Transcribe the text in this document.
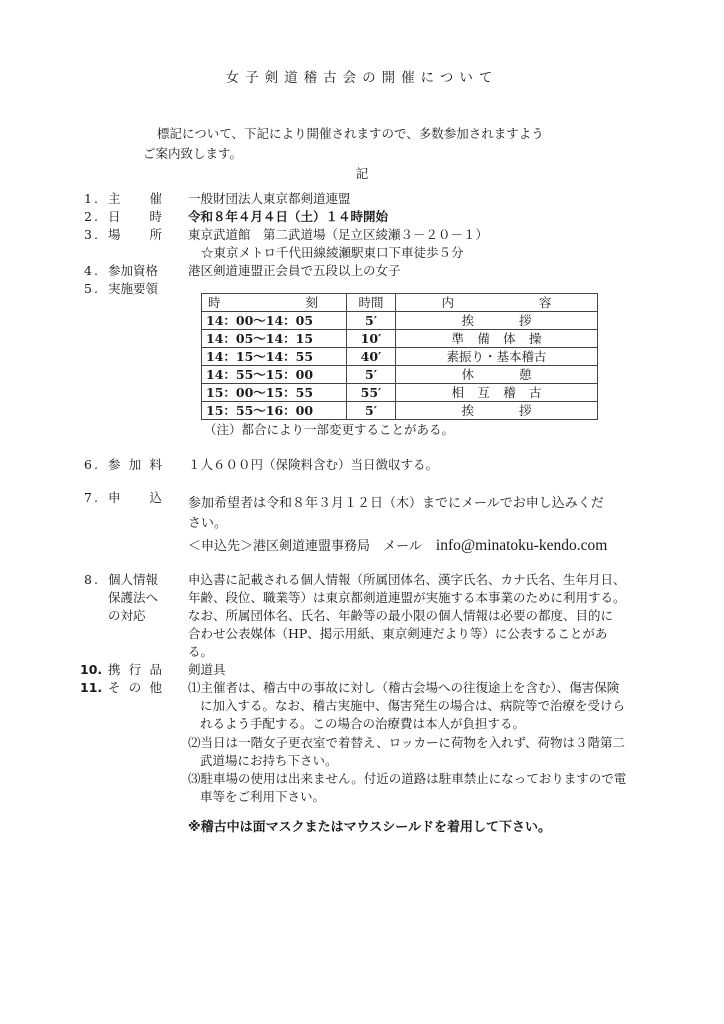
女子剣道稽古会の開催について
標記について、下記により開催されますので、多数参加されますよう
ご案内致します。
記
1. 主催 一般財団法人東京都剣道連盟
2. 日時 令和８年４月４日（土）１４時開始
3. 場所 東京武道館　第二武道場（足立区綾瀬３－２０－１）
☆東京メトロ千代田線綾瀬駅東口下車徒歩５分
4. 参加資格 港区剣道連盟正会員で五段以上の女子
5. 実施要領
時刻	時間	内容
14：00〜14：05	5′	挨拶
14：05〜14：15	10′	準備体操
14：15〜14：55	40′	素振り・基本稽古
14：55〜15：00	5′	休憩
15：00〜15：55	55′	相互稽古
15：55〜16：00	5′	挨拶
（注）都合により一部変更することがある。
6. 参加料 １人６００円（保険料含む）当日徴収する。
7. 申込 参加希望者は令和８年３月１２日（木）までにメールでお申し込みくだ
さい。
＜申込先＞港区剣道連盟事務局　メール info@minatoku-kendo.com
8. 個人情報
保護法へ
の対応
申込書に記載される個人情報（所属団体名、漢字氏名、カナ氏名、生年月日、
年齢、段位、職業等）は東京都剣道連盟が実施する本事業のために利用する。
なお、所属団体名、氏名、年齢等の最小限の個人情報は必要の都度、目的に
合わせ公表媒体（HP、掲示用紙、東京剣連だより等）に公表することがあ
る。
10. 携行品 剣道具
11. その他 ⑴主催者は、稽古中の事故に対し（稽古会場への往復途上を含む）、傷害保険
に加入する。なお、稽古実施中、傷害発生の場合は、病院等で治療を受けら
れるよう手配する。この場合の治療費は本人が負担する。
⑵当日は一階女子更衣室で着替え、ロッカーに荷物を入れず、荷物は３階第二
武道場にお持ち下さい。
⑶駐車場の使用は出来ません。付近の道路は駐車禁止になっておりますので電
車等をご利用下さい。
※稽古中は面マスクまたはマウスシールドを着用して下さい。
